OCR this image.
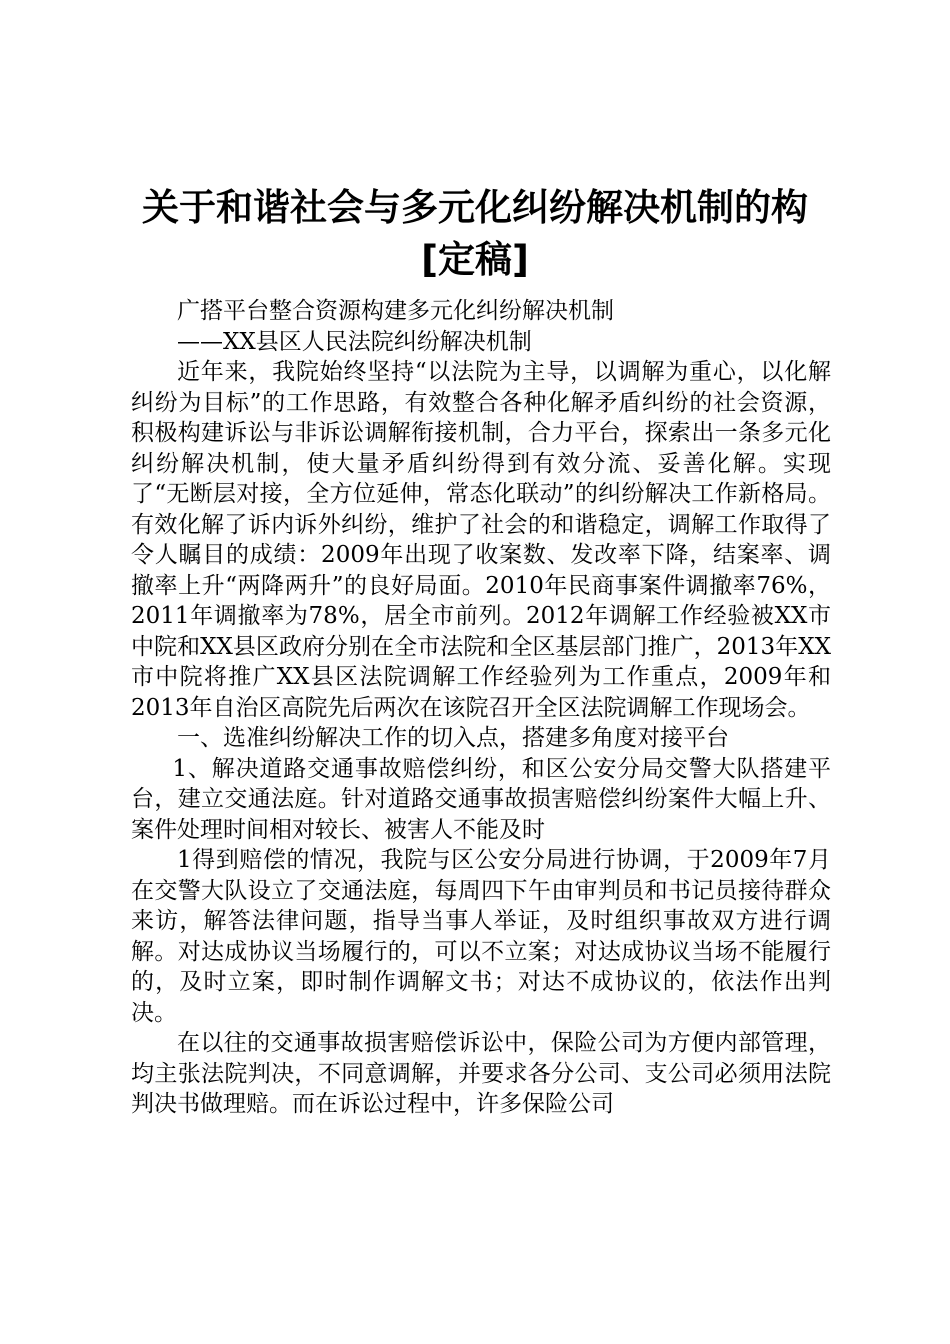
关于和谐社会与多元化纠纷解决机制的构[定稿]

广搭平台整合资源构建多元化纠纷解决机制

——XX县区人民法院纠纷解决机制

近年来，我院始终坚持“以法院为主导，以调解为重心，以化解纠纷为目标”的工作思路，有效整合各种化解矛盾纠纷的社会资源，积极构建诉讼与非诉讼调解衔接机制，合力平台，探索出一条多元化纠纷解决机制，使大量矛盾纠纷得到有效分流、妥善化解。实现了“无断层对接，全方位延伸，常态化联动”的纠纷解决工作新格局。有效化解了诉内诉外纠纷，维护了社会的和谐稳定，调解工作取得了令人瞩目的成绩：2009年出现了收案数、发改率下降，结案率、调撤率上升“两降两升”的良好局面。2010年民商事案件调撤率76%，2011年调撤率为78%，居全市前列。2012年调解工作经验被XX市中院和XX县区政府分别在全市法院和全区基层部门推广，2013年XX市中院将推广XX县区法院调解工作经验列为工作重点，2009年和2013年自治区高院先后两次在该院召开全区法院调解工作现场会。

一、选准纠纷解决工作的切入点，搭建多角度对接平台

1、解决道路交通事故赔偿纠纷，和区公安分局交警大队搭建平台，建立交通法庭。针对道路交通事故损害赔偿纠纷案件大幅上升、案件处理时间相对较长、被害人不能及时

1得到赔偿的情况，我院与区公安分局进行协调，于2009年7月在交警大队设立了交通法庭，每周四下午由审判员和书记员接待群众来访，解答法律问题，指导当事人举证，及时组织事故双方进行调解。对达成协议当场履行的，可以不立案；对达成协议当场不能履行的，及时立案，即时制作调解文书；对达不成协议的，依法作出判决。

在以往的交通事故损害赔偿诉讼中，保险公司为方便内部管理，均主张法院判决，不同意调解，并要求各分公司、支公司必须用法院判决书做理赔。而在诉讼过程中，许多保险公司
